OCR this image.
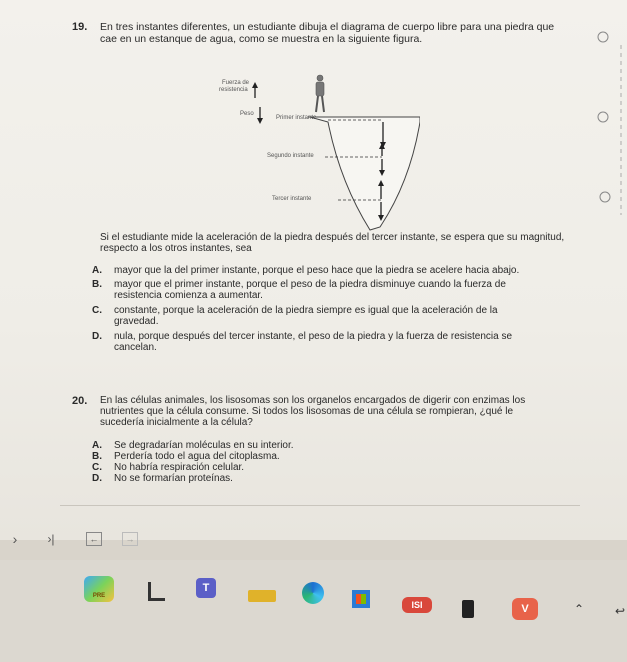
19. En tres instantes diferentes, un estudiante dibuja el diagrama de cuerpo libre para una piedra que
cae en un estanque de agua, como se muestra en la siguiente figura.
Fuerza de
resistencia
Peso
Primer instante
Segundo instante
Tercer instante
Si el estudiante mide la aceleración de la piedra después del tercer instante, se espera que su magnitud,
respecto a los otros instantes, sea
A. mayor que la del primer instante, porque el peso hace que la piedra se acelere hacia abajo.
B. mayor que el primer instante, porque el peso de la piedra disminuye cuando la fuerza de
resistencia comienza a aumentar.
C. constante, porque la aceleración de la piedra siempre es igual que la aceleración de la
gravedad.
D. nula, porque después del tercer instante, el peso de la piedra y la fuerza de resistencia se
cancelan.
20. En las células animales, los lisosomas son los organelos encargados de digerir con enzimas los
nutrientes que la célula consume. Si todos los lisosomas de una célula se rompieran, ¿qué le
sucedería inicialmente a la célula?
A. Se degradarían moléculas en su interior.
B. Perdería todo el agua del citoplasma.
C. No habría respiración celular.
D. No se formarían proteínas.
›	›|	←	→
PRE
T
ISI	V	⌃	↩
